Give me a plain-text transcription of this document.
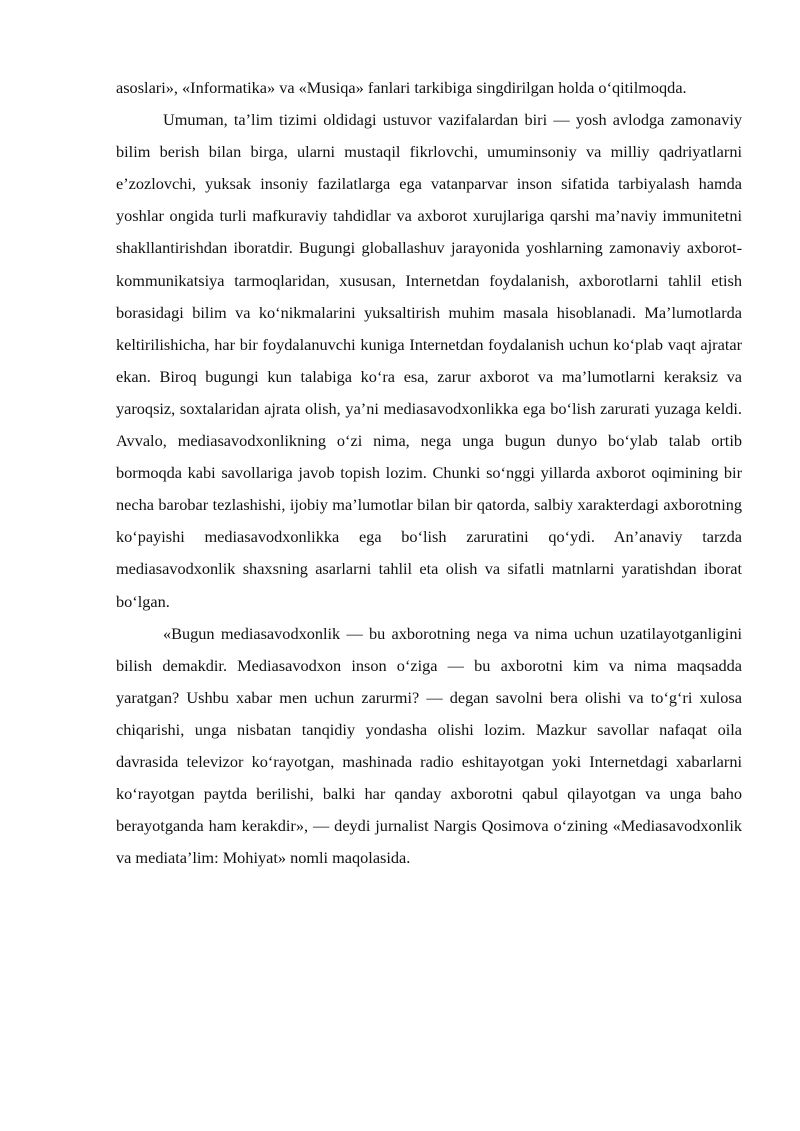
asoslari», «Informatika» va «Musiqa» fanlari tarkibiga singdirilgan holda o‘qitilmoqda.

Umuman, ta’lim tizimi oldidagi ustuvor vazifalardan biri — yosh avlodga zamonaviy bilim berish bilan birga, ularni mustaqil fikrlovchi, umuminsoniy va milliy qadriyatlarni e’zozlovchi, yuksak insoniy fazilatlarga ega vatanparvar inson sifatida tarbiyalash hamda yoshlar ongida turli mafkuraviy tahdidlar va axborot xurujlariga qarshi ma’naviy immunitetni shakllantirishdan iboratdir. Bugungi globallashuv jarayonida yoshlarning zamonaviy axborot-kommunikatsiya tarmoqlaridan, xususan, Internetdan foydalanish, axborotlarni tahlil etish borasidagi bilim va ko‘nikmalarini yuksaltirish muhim masala hisoblanadi. Ma’lumotlarda keltirilishicha, har bir foydalanuvchi kuniga Internetdan foydalanish uchun ko‘plab vaqt ajratar ekan. Biroq bugungi kun talabiga ko‘ra esa, zarur axborot va ma’lumotlarni keraksiz va yaroqsiz, soxtalaridan ajrata olish, ya’ni mediasavodxonlikka ega bo‘lish zarurati yuzaga keldi. Avvalo, mediasavodxonlikning o‘zi nima, nega unga bugun dunyo bo‘ylab talab ortib bormoqda kabi savollariga javob topish lozim. Chunki so‘nggi yillarda axborot oqimining bir necha barobar tezlashishi, ijobiy ma’lumotlar bilan bir qatorda, salbiy xarakterdagi axborotning ko‘payishi mediasavodxonlikka ega bo‘lish zaruratini qo‘ydi. An’anaviy tarzda mediasavodxonlik shaxsning asarlarni tahlil eta olish va sifatli matnlarni yaratishdan iborat bo‘lgan.

«Bugun mediasavodxonlik — bu axborotning nega va nima uchun uzatilayotganligini bilish demakdir. Mediasavodxon inson o‘ziga — bu axborotni kim va nima maqsadda yaratgan? Ushbu xabar men uchun zarurmi? — degan savolni bera olishi va to‘g‘ri xulosa chiqarishi, unga nisbatan tanqidiy yondasha olishi lozim. Mazkur savollar nafaqat oila davrasida televizor ko‘rayotgan, mashinada radio eshitayotgan yoki Internetdagi xabarlarni ko‘rayotgan paytda berilishi, balki har qanday axborotni qabul qilayotgan va unga baho berayotganda ham kerakdir», — deydi jurnalist Nargis Qosimova o‘zining «Mediasavodxonlik va mediata’lim: Mohiyat» nomli maqolasida.
